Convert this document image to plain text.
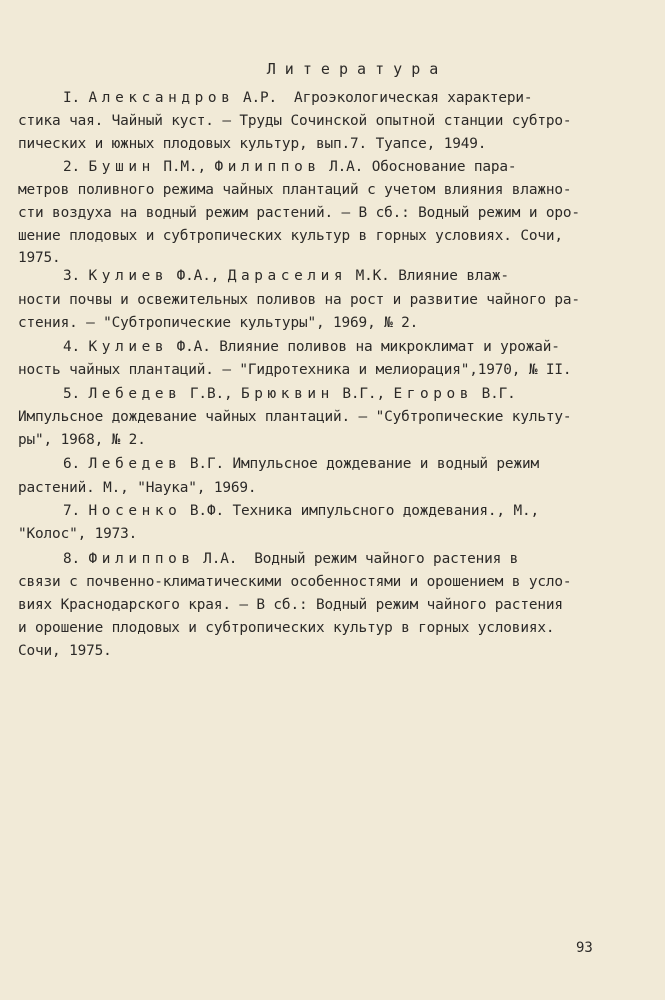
Л и т е р а т у р а
I. Александров А.Р.  Агроэкологическая характери-
стика чая. Чайный куст. – Труды Сочинской опытной станции субтро-
пических и южных плодовых культур, вып.7. Туапсе, 1949.
2. Бушин П.М., Филиппов Л.А. Обоснование пара-
метров поливного режима чайных плантаций с учетом влияния влажно-
сти воздуха на водный режим растений. – В сб.: Водный режим и оро-
шение плодовых и субтропических культур в горных условиях. Сочи,
1975.
3. Кулиев Ф.А., Дараселия М.К. Влияние влаж-
ности почвы и освежительных поливов на рост и развитие чайного ра-
стения. – "Субтропические культуры", 1969, № 2.
4. Кулиев Ф.А. Влияние поливов на микроклимат и урожай-
ность чайных плантаций. – "Гидротехника и мелиорация",1970, № II.
5. Лебедев Г.В., Брюквин В.Г., Егоров В.Г.
Импульсное дождевание чайных плантаций. – "Субтропические культу-
ры", 1968, № 2.
6. Лебедев В.Г. Импульсное дождевание и водный режим
растений. М., "Наука", 1969.
7. Носенко В.Ф. Техника импульсного дождевания., М.,
"Колос", 1973.
8. Филиппов Л.А.  Водный режим чайного растения в
связи с почвенно-климатическими особенностями и орошением в усло-
виях Краснодарского края. – В сб.: Водный режим чайного растения
и орошение плодовых и субтропических культур в горных условиях.
Сочи, 1975.
93
